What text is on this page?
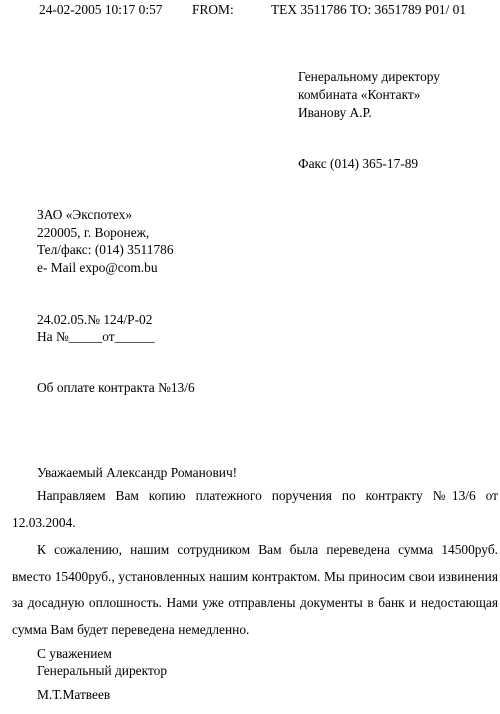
24-02-2005 10:17 0:57 FROM:	TEX 3511786 TO: 3651789 P01/ 01
Генеральному директору
комбината «Контакт»
Иванову А.Р.
Факс (014) 365-17-89
ЗАО «Экспотех»
220005, г. Воронеж,
Тел/факс: (014) 3511786
e- Mail expo@com.bu
24.02.05.№ 124/Р-02
На №_____от______
Об оплате контракта №13/6
Уважаемый Александр Романович!
Направляем Вам копию платежного поручения по контракту №13/6 от 12.03.2004.
К сожалению, нашим сотрудником Вам была переведена сумма 14500руб. вместо 15400руб., установленных нашим контрактом. Мы приносим свои извинения за досадную оплошность. Нами уже отправлены документы в банк и недостающая сумма Вам будет переведена немедленно.
С уважением
Генеральный директор
М.Т.Матвеев
